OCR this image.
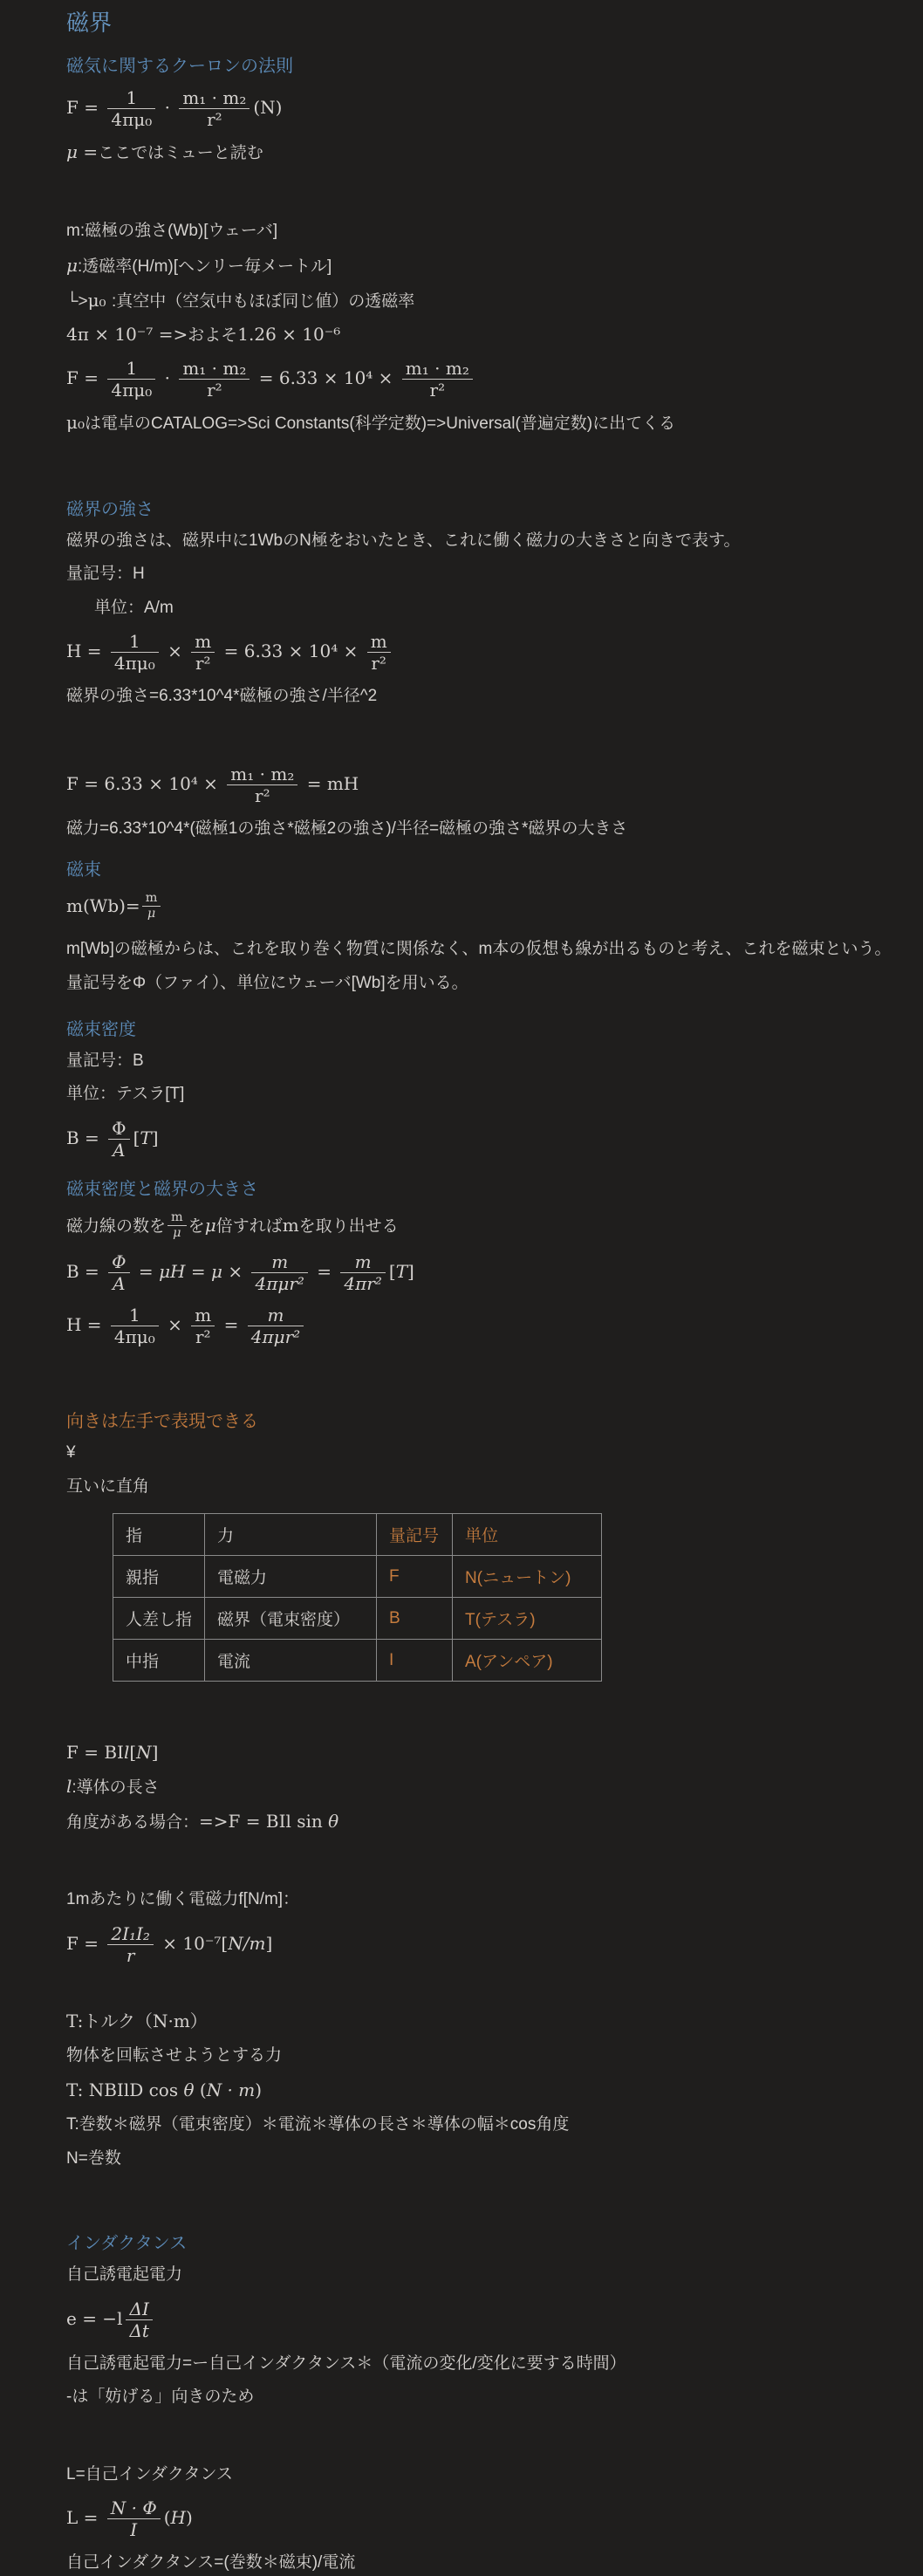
磁界
磁気に関するクーロンの法則
$F = \frac{1}{\text{4πμ₀}} \cdot \frac{\text{m₁ · m₂}}{\text{r²}} (N)$
μ =ここではミューと読む
m:磁極の強さ(Wb)[ウェーバ]
μ:透磁率(H/m)[ヘンリー毎メートル]
└>μ₀ :真空中（空気中もほぼ同じ値）の透磁率
4π × 10⁻⁷ =>およそ1.26 × 10⁻⁶
$F = \frac{1}{\text{4πμ₀}} \cdot \frac{\text{m₁ · m₂}}{\text{r²}} = 6.33 \times 10^4 \times \frac{\text{m₁ · m₂}}{\text{r²}}$
μ₀は電卓のCATALOG=>Sci Constants(科学定数)=>Universal(普遍定数)に出てくる
磁界の強さ
磁界の強さは、磁界中に1WbのN極をおいたとき、これに働く磁力の大きさと向きで表す。
量記号：H
単位：A/m
$H = \frac{1}{\text{4πμ₀}} \times \frac{m}{\text{r²}} = 6.33 \times 10^4 \times \frac{m}{\text{r²}}$
磁界の強さ=6.33*10^4*磁極の強さ/半径^2
$F = 6.33 \times 10^4 \times \frac{\text{m₁ · m₂}}{\text{r²}}$ = mH
磁力=6.33*10^4*(磁極1の強さ*磁極2の強さ)/半径=磁極の強さ*磁界の大きさ
磁束
$m(Wb)= \frac{m}{\mu}$
m[Wb]の磁極からは、これを取り巻く物質に関係なく、m本の仮想も線が出るものと考え、これを磁束という。量記号をΦ（ファイ）、単位にウェーバ[Wb]を用いる。
磁束密度
量記号：B
単位：テスラ[T]
$B = \frac{\Phi}{A} [T]$
磁束密度と磁界の大きさ
磁力線の数を $\frac{m}{\mu}$ をμ倍すればmを取り出せる
$B = \frac{\Phi}{A} = \mu H = \mu \times \frac{m}{\text{4πμr²}} = \frac{m}{\text{4πr²}} [T]$
$H = \frac{1}{\text{4πμ₀}} \times \frac{m}{\text{r²}} = \frac{m}{\text{4πμr²}}$
向きは左手で表現できる
¥
互いに直角
指	力	量記号	単位
親指	電磁力	F	N(ニュートン)
人差し指	磁界（電束密度）	B	T(テスラ)
中指	電流	I	A(アンペア)
F = BIl[N]
l:導体の長さ
角度がある場合：=>F = BIl sin θ
1mあたりに働く電磁力f[N/m]：
$F = \frac{\text{2I₁I₂}}{r} \times 10^{-7}[N/m]$
T:トルク（N·m）
物体を回転させようとする力
T: NBIlD cos θ (N · m)
T:巻数＊磁界（電束密度）＊電流＊導体の長さ＊導体の幅＊cos角度
N=巻数
インダクタンス
自己誘電起電力
$e = -l \frac{\Delta I}{\Delta t}$
自己誘電起電力=ー自己インダクタンス＊（電流の変化/変化に要する時間）
-は「妨げる」向きのため
L=自己インダクタンス
$L = \frac{N \cdot \Phi}{I} (H)$
自己インダクタンス=(巻数＊磁束)/電流
